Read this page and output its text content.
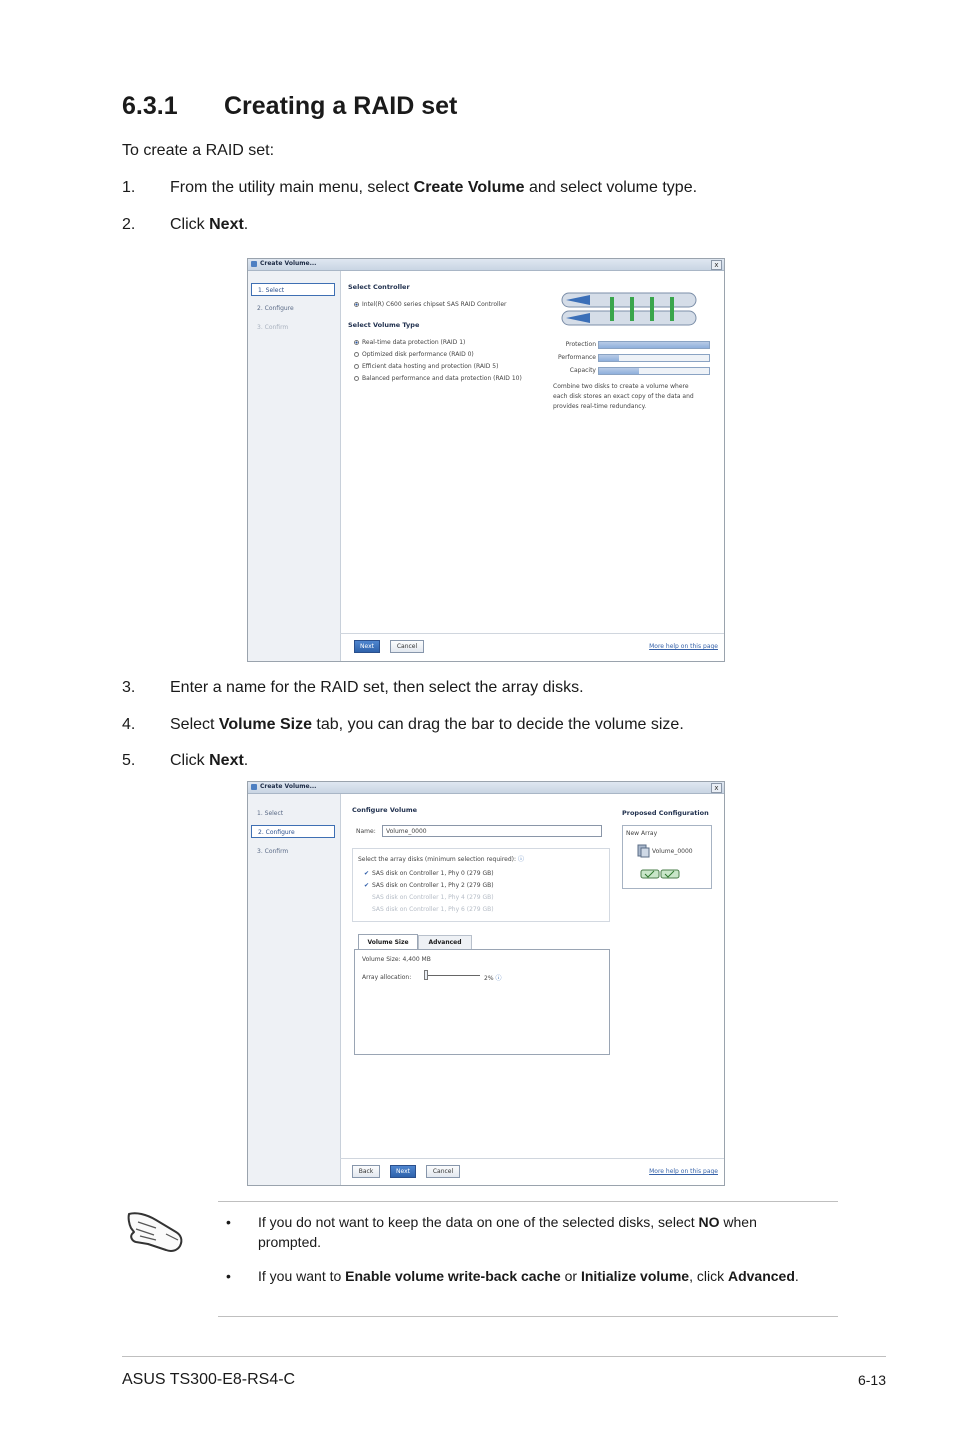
6.3.1 Creating a RAID set
To create a RAID set:
1. From the utility main menu, select Create Volume and select volume type.
2. Click Next.
Create Volume...	x
1. Select
2. Configure
3. Confirm
Select Controller
Intel(R) C600 series chipset SAS RAID Controller
Select Volume Type
Real-time data protection (RAID 1)
Optimized disk performance (RAID 0)
Efficient data hosting and protection (RAID 5)
Balanced performance and data protection (RAID 10)
Protection
Performance
Capacity
Combine two disks to create a volume where
each disk stores an exact copy of the data and
provides real-time redundancy.
Next	Cancel	More help on this page
3. Enter a name for the RAID set, then select the array disks.
4. Select Volume Size tab, you can drag the bar to decide the volume size.
5. Click Next.
Create Volume...	x
1. Select
2. Configure
3. Confirm
Configure Volume
Name: Volume_0000
Select the array disks (minimum selection required): ⓘ
✔ SAS disk on Controller 1, Phy 0 (279 GB)
✔ SAS disk on Controller 1, Phy 2 (279 GB)
SAS disk on Controller 1, Phy 4 (279 GB)
SAS disk on Controller 1, Phy 6 (279 GB)
Volume Size	Advanced
Volume Size: 4,400 MB
Array allocation:	2% ⓘ
Proposed Configuration
New Array
Volume_0000
Back	Next	Cancel	More help on this page
• If you do not want to keep the data on one of the selected disks, select NO when prompted.
• If you want to Enable volume write-back cache or Initialize volume, click Advanced.
ASUS TS300-E8-RS4-C	6-13
